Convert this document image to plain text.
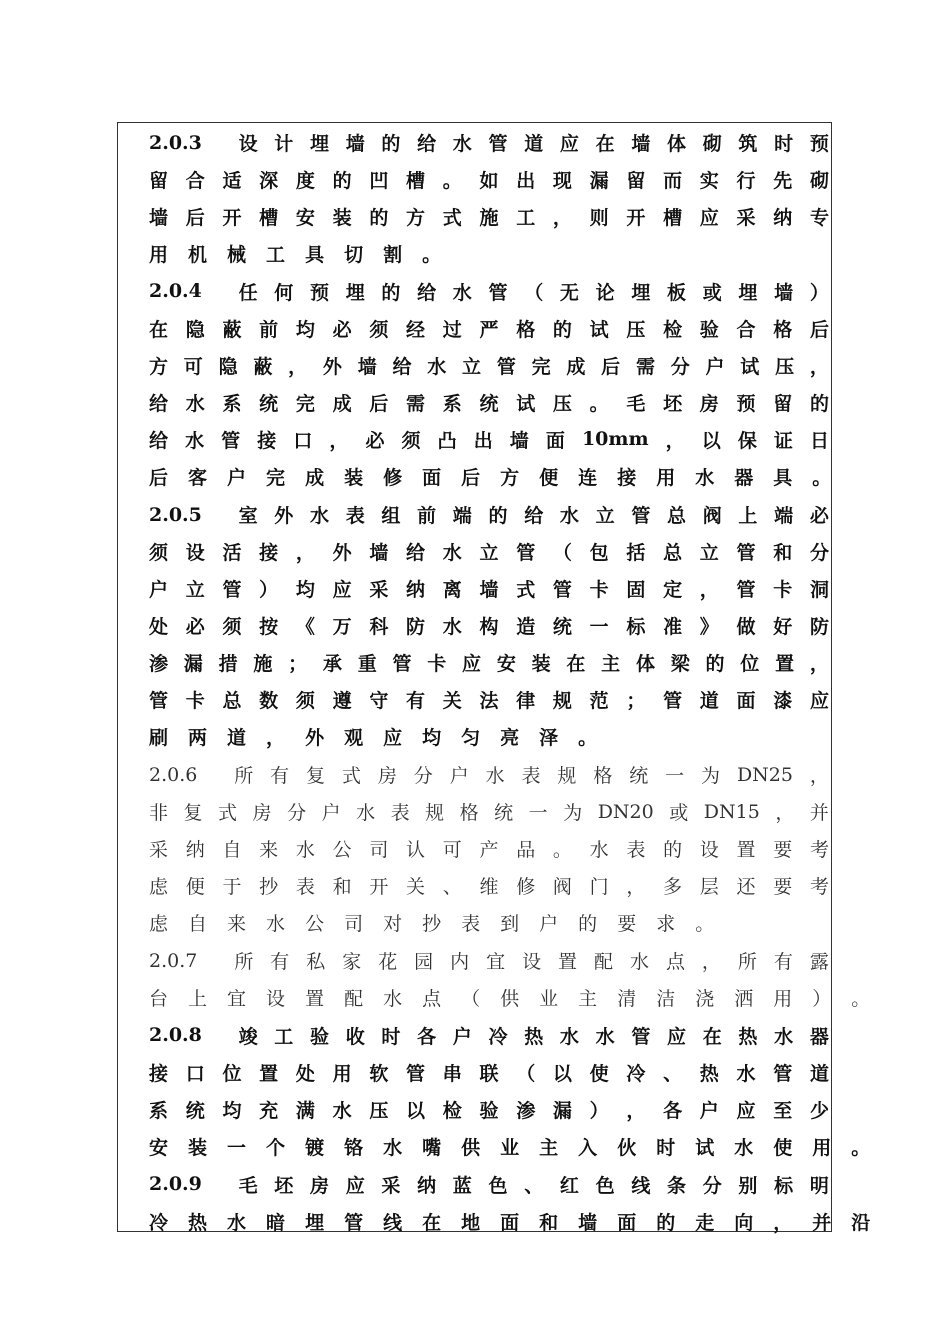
2.0.3	设 计 埋 墙 的 给 水 管 道 应 在 墙 体 砌 筑 时 预
留 合 适 深 度 的 凹 槽 。 如 出 现 漏 留 而 实 行 先 砌
墙 后 开 槽 安 装 的 方 式 施 工 ， 则 开 槽 应 采 纳 专
用 机 械 工 具 切 割 。
2.0.4	任 何 预 埋 的 给 水 管 （ 无 论 埋 板 或 埋 墙 ）
在 隐 蔽 前 均 必 须 经 过 严 格 的 试 压 检 验 合 格 后
方 可 隐 蔽 ， 外 墙 给 水 立 管 完 成 后 需 分 户 试 压 ，
给 水 系 统 完 成 后 需 系 统 试 压 。 毛 坯 房 预 留 的
给 水 管 接 口 ， 必 须 凸 出 墙 面 10mm ， 以 保 证 日
后 客 户 完 成 装 修 面 后 方 便 连 接 用 水 器 具 。
2.0.5	室 外 水 表 组 前 端 的 给 水 立 管 总 阀 上 端 必
须 设 活 接 ， 外 墙 给 水 立 管 （ 包 括 总 立 管 和 分
户 立 管 ） 均 应 采 纳 离 墙 式 管 卡 固 定 ， 管 卡 洞
处 必 须 按 《 万 科 防 水 构 造 统 一 标 准 》 做 好 防
渗 漏 措 施 ； 承 重 管 卡 应 安 装 在 主 体 梁 的 位 置 ，
管 卡 总 数 须 遵 守 有 关 法 律 规 范 ； 管 道 面 漆 应
刷 两 道 ， 外 观 应 均 匀 亮 泽 。
2.0.6	所 有 复 式 房 分 户 水 表 规 格 统 一 为 DN25 ，
非 复 式 房 分 户 水 表 规 格 统 一 为 DN20 或 DN15 ， 并
采 纳 自 来 水 公 司 认 可 产 品 。 水 表 的 设 置 要 考
虑 便 于 抄 表 和 开 关 、 维 修 阀 门 ， 多 层 还 要 考
虑 自 来 水 公 司 对 抄 表 到 户 的 要 求 。
2.0.7	所 有 私 家 花 园 内 宜 设 置 配 水 点 ， 所 有 露
台 上 宜 设 置 配 水 点 （ 供 业 主 清 洁 浇 洒 用 ） 。
2.0.8	竣 工 验 收 时 各 户 冷 热 水 水 管 应 在 热 水 器
接 口 位 置 处 用 软 管 串 联 （ 以 使 冷 、 热 水 管 道
系 统 均 充 满 水 压 以 检 验 渗 漏 ） ， 各 户 应 至 少
安 装 一 个 镀 铬 水 嘴 供 业 主 入 伙 时 试 水 使 用 。
2.0.9	毛 坯 房 应 采 纳 蓝 色 、 红 色 线 条 分 别 标 明
冷 热 水 暗 埋 管 线 在 地 面 和 墙 面 的 走 向 ， 并 沿
